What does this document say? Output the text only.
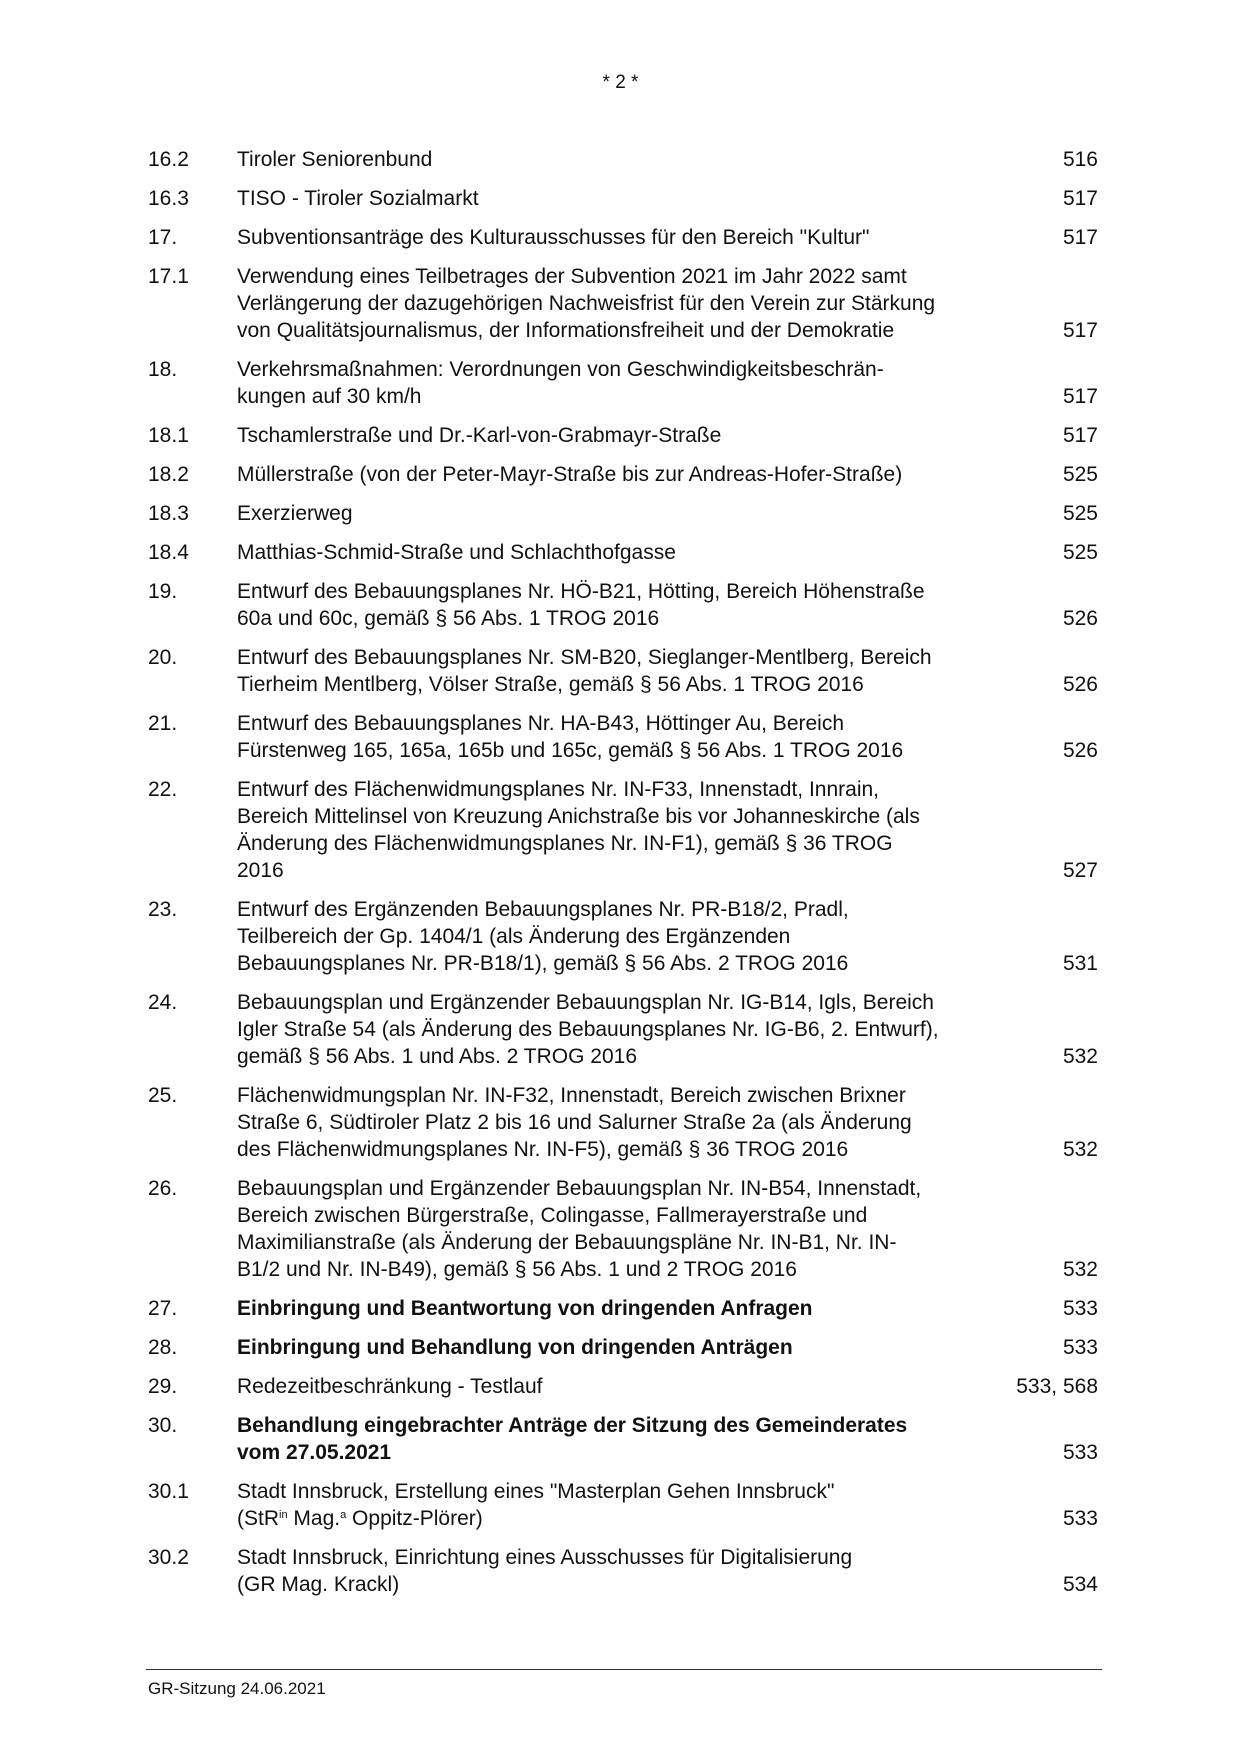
* 2 *
16.2	Tiroler Seniorenbund	516
16.3	TISO - Tiroler Sozialmarkt	517
17.	Subventionsanträge des Kulturausschusses für den Bereich "Kultur"	517
17.1	Verwendung eines Teilbetrages der Subvention 2021 im Jahr 2022 samt
Verlängerung der dazugehörigen Nachweisfrist für den Verein zur Stärkung
von Qualitätsjournalismus, der Informationsfreiheit und der Demokratie	517
18.	Verkehrsmaßnahmen: Verordnungen von Geschwindigkeitsbeschrän-
kungen auf 30 km/h	517
18.1	Tschamlerstraße und Dr.-Karl-von-Grabmayr-Straße	517
18.2	Müllerstraße (von der Peter-Mayr-Straße bis zur Andreas-Hofer-Straße)	525
18.3	Exerzierweg	525
18.4	Matthias-Schmid-Straße und Schlachthofgasse	525
19.	Entwurf des Bebauungsplanes Nr. HÖ-B21, Hötting, Bereich Höhenstraße
60a und 60c, gemäß § 56 Abs. 1 TROG 2016	526
20.	Entwurf des Bebauungsplanes Nr. SM-B20, Sieglanger-Mentlberg, Bereich
Tierheim Mentlberg, Völser Straße, gemäß § 56 Abs. 1 TROG 2016	526
21.	Entwurf des Bebauungsplanes Nr. HA-B43, Höttinger Au, Bereich
Fürstenweg 165, 165a, 165b und 165c, gemäß § 56 Abs. 1 TROG 2016	526
22.	Entwurf des Flächenwidmungsplanes Nr. IN-F33, Innenstadt, Innrain,
Bereich Mittelinsel von Kreuzung Anichstraße bis vor Johanneskirche (als
Änderung des Flächenwidmungsplanes Nr. IN-F1), gemäß § 36 TROG
2016	527
23.	Entwurf des Ergänzenden Bebauungsplanes Nr. PR-B18/2, Pradl,
Teilbereich der Gp. 1404/1 (als Änderung des Ergänzenden
Bebauungsplanes Nr. PR-B18/1), gemäß § 56 Abs. 2 TROG 2016	531
24.	Bebauungsplan und Ergänzender Bebauungsplan Nr. IG-B14, Igls, Bereich
Igler Straße 54 (als Änderung des Bebauungsplanes Nr. IG-B6, 2. Entwurf),
gemäß § 56 Abs. 1 und Abs. 2 TROG 2016	532
25.	Flächenwidmungsplan Nr. IN-F32, Innenstadt, Bereich zwischen Brixner
Straße 6, Südtiroler Platz 2 bis 16 und Salurner Straße 2a (als Änderung
des Flächenwidmungsplanes Nr. IN-F5), gemäß § 36 TROG 2016	532
26.	Bebauungsplan und Ergänzender Bebauungsplan Nr. IN-B54, Innenstadt,
Bereich zwischen Bürgerstraße, Colingasse, Fallmerayerstraße und
Maximilianstraße (als Änderung der Bebauungspläne Nr. IN-B1, Nr. IN-
B1/2 und Nr. IN-B49), gemäß § 56 Abs. 1 und 2 TROG 2016	532
27.	Einbringung und Beantwortung von dringenden Anfragen	533
28.	Einbringung und Behandlung von dringenden Anträgen	533
29.	Redezeitbeschränkung - Testlauf	533, 568
30.	Behandlung eingebrachter Anträge der Sitzung des Gemeinderates
vom 27.05.2021	533
30.1	Stadt Innsbruck, Erstellung eines "Masterplan Gehen Innsbruck"
(StR$^{in}$ Mag.$^a$ Oppitz-Plörer)	533
30.2	Stadt Innsbruck, Einrichtung eines Ausschusses für Digitalisierung
(GR Mag. Krackl)	534
GR-Sitzung 24.06.2021
